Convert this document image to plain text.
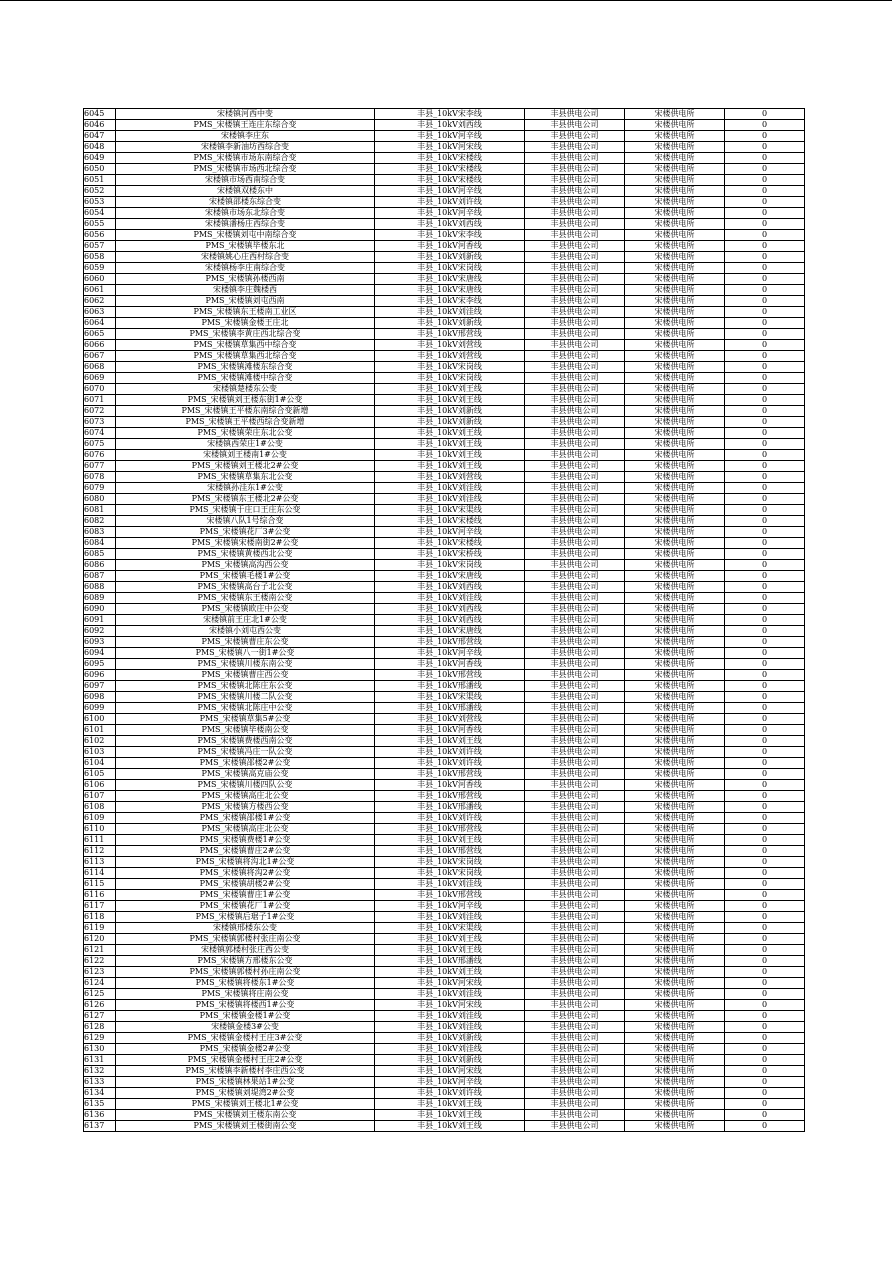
6045	宋楼镇河西中变	丰县_10kV宋李线	丰县供电公司	宋楼供电所	0
6046	PMS_宋楼镇王连庄东综合变	丰县_10kV刘西线	丰县供电公司	宋楼供电所	0
6047	宋楼镇李庄东	丰县_10kV河辛线	丰县供电公司	宋楼供电所	0
6048	宋楼镇李新油坊西综合变	丰县_10kV河宋线	丰县供电公司	宋楼供电所	0
6049	PMS_宋楼镇市场东南综合变	丰县_10kV宋楼线	丰县供电公司	宋楼供电所	0
6050	PMS_宋楼镇市场西北综合变	丰县_10kV宋楼线	丰县供电公司	宋楼供电所	0
6051	宋楼镇市场西南综合变	丰县_10kV宋楼线	丰县供电公司	宋楼供电所	0
6052	宋楼镇双楼东中	丰县_10kV河辛线	丰县供电公司	宋楼供电所	0
6053	宋楼镇邵楼东综合变	丰县_10kV刘许线	丰县供电公司	宋楼供电所	0
6054	宋楼镇市场东北综合变	丰县_10kV河辛线	丰县供电公司	宋楼供电所	0
6055	宋楼镇潘杨庄西综合变	丰县_10kV刘西线	丰县供电公司	宋楼供电所	0
6056	PMS_宋楼镇刘屯中南综合变	丰县_10kV宋李线	丰县供电公司	宋楼供电所	0
6057	PMS_宋楼镇毕楼东北	丰县_10kV河香线	丰县供电公司	宋楼供电所	0
6058	宋楼镇姚心庄西村综合变	丰县_10kV刘新线	丰县供电公司	宋楼供电所	0
6059	宋楼镇杨李庄南综合变	丰县_10kV宋岗线	丰县供电公司	宋楼供电所	0
6060	PMS_宋楼镇孙楼西南	丰县_10kV宋唐线	丰县供电公司	宋楼供电所	0
6061	宋楼镇李庄魏楼西	丰县_10kV宋唐线	丰县供电公司	宋楼供电所	0
6062	PMS_宋楼镇刘屯西南	丰县_10kV宋李线	丰县供电公司	宋楼供电所	0
6063	PMS_宋楼镇东王楼南工业区	丰县_10kV刘洼线	丰县供电公司	宋楼供电所	0
6064	PMS_宋楼镇金楼王庄北	丰县_10kV刘新线	丰县供电公司	宋楼供电所	0
6065	PMS_宋楼镇李黄庄西北综合变	丰县_10kV邢营线	丰县供电公司	宋楼供电所	0
6066	PMS_宋楼镇草集西中综合变	丰县_10kV刘营线	丰县供电公司	宋楼供电所	0
6067	PMS_宋楼镇草集西北综合变	丰县_10kV刘营线	丰县供电公司	宋楼供电所	0
6068	PMS_宋楼镇滩楼东综合变	丰县_10kV宋岗线	丰县供电公司	宋楼供电所	0
6069	PMS_宋楼镇滩楼中综合变	丰县_10kV宋岗线	丰县供电公司	宋楼供电所	0
6070	宋楼镇楚楼东公变	丰县_10kV刘王线	丰县供电公司	宋楼供电所	0
6071	PMS_宋楼镇刘王楼东街1#公变	丰县_10kV刘王线	丰县供电公司	宋楼供电所	0
6072	PMS_宋楼镇王平楼东南综合变新增	丰县_10kV刘新线	丰县供电公司	宋楼供电所	0
6073	PMS_宋楼镇王平楼西综合变新增	丰县_10kV刘新线	丰县供电公司	宋楼供电所	0
6074	PMS_宋楼镇荣庄东北公变	丰县_10kV刘王线	丰县供电公司	宋楼供电所	0
6075	宋楼镇西荣庄1#公变	丰县_10kV刘王线	丰县供电公司	宋楼供电所	0
6076	宋楼镇刘王楼南1#公变	丰县_10kV刘王线	丰县供电公司	宋楼供电所	0
6077	PMS_宋楼镇刘王楼北2#公变	丰县_10kV刘王线	丰县供电公司	宋楼供电所	0
6078	PMS_宋楼镇草集东北公变	丰县_10kV刘营线	丰县供电公司	宋楼供电所	0
6079	宋楼镇孙洼东1#公变	丰县_10kV刘洼线	丰县供电公司	宋楼供电所	0
6080	PMS_宋楼镇东王楼北2#公变	丰县_10kV刘洼线	丰县供电公司	宋楼供电所	0
6081	PMS_宋楼镇于庄口王庄东公变	丰县_10kV宋渠线	丰县供电公司	宋楼供电所	0
6082	宋楼镇八队1号综合变	丰县_10kV宋楼线	丰县供电公司	宋楼供电所	0
6083	PMS_宋楼镇花厂3#公变	丰县_10kV河辛线	丰县供电公司	宋楼供电所	0
6084	PMS_宋楼镇宋楼南街2#公变	丰县_10kV宋楼线	丰县供电公司	宋楼供电所	0
6085	PMS_宋楼镇黄楼西北公变	丰县_10kV宋桥线	丰县供电公司	宋楼供电所	0
6086	PMS_宋楼镇高沟西公变	丰县_10kV宋岗线	丰县供电公司	宋楼供电所	0
6087	PMS_宋楼镇毛楼1#公变	丰县_10kV宋唐线	丰县供电公司	宋楼供电所	0
6088	PMS_宋楼镇高台子北公变	丰县_10kV刘西线	丰县供电公司	宋楼供电所	0
6089	PMS_宋楼镇东王楼南公变	丰县_10kV刘洼线	丰县供电公司	宋楼供电所	0
6090	PMS_宋楼镇欧庄中公变	丰县_10kV刘西线	丰县供电公司	宋楼供电所	0
6091	宋楼镇前王庄北1#公变	丰县_10kV刘西线	丰县供电公司	宋楼供电所	0
6092	宋楼镇小刘屯西公变	丰县_10kV宋唐线	丰县供电公司	宋楼供电所	0
6093	PMS_宋楼镇曹庄东公变	丰县_10kV邢营线	丰县供电公司	宋楼供电所	0
6094	PMS_宋楼镇八一街1#公变	丰县_10kV河辛线	丰县供电公司	宋楼供电所	0
6095	PMS_宋楼镇川楼东南公变	丰县_10kV河香线	丰县供电公司	宋楼供电所	0
6096	PMS_宋楼镇曹庄西公变	丰县_10kV邢营线	丰县供电公司	宋楼供电所	0
6097	PMS_宋楼镇北陈庄东公变	丰县_10kV邢潘线	丰县供电公司	宋楼供电所	0
6098	PMS_宋楼镇川楼二队公变	丰县_10kV宋渠线	丰县供电公司	宋楼供电所	0
6099	PMS_宋楼镇北陈庄中公变	丰县_10kV邢潘线	丰县供电公司	宋楼供电所	0
6100	PMS_宋楼镇草集5#公变	丰县_10kV刘营线	丰县供电公司	宋楼供电所	0
6101	PMS_宋楼镇毕楼南公变	丰县_10kV河香线	丰县供电公司	宋楼供电所	0
6102	PMS_宋楼镇费楼西南公变	丰县_10kV刘王线	丰县供电公司	宋楼供电所	0
6103	PMS_宋楼镇冯庄一队公变	丰县_10kV刘许线	丰县供电公司	宋楼供电所	0
6104	PMS_宋楼镇邵楼2#公变	丰县_10kV刘许线	丰县供电公司	宋楼供电所	0
6105	PMS_宋楼镇高克庙公变	丰县_10kV邢营线	丰县供电公司	宋楼供电所	0
6106	PMS_宋楼镇川楼四队公变	丰县_10kV河香线	丰县供电公司	宋楼供电所	0
6107	PMS_宋楼镇高庄北公变	丰县_10kV邢营线	丰县供电公司	宋楼供电所	0
6108	PMS_宋楼镇方楼西公变	丰县_10kV邢潘线	丰县供电公司	宋楼供电所	0
6109	PMS_宋楼镇邵楼1#公变	丰县_10kV刘许线	丰县供电公司	宋楼供电所	0
6110	PMS_宋楼镇高庄北公变	丰县_10kV邢营线	丰县供电公司	宋楼供电所	0
6111	PMS_宋楼镇费楼1#公变	丰县_10kV刘王线	丰县供电公司	宋楼供电所	0
6112	PMS_宋楼镇曹庄2#公变	丰县_10kV邢营线	丰县供电公司	宋楼供电所	0
6113	PMS_宋楼镇将沟北1#公变	丰县_10kV宋岗线	丰县供电公司	宋楼供电所	0
6114	PMS_宋楼镇将沟2#公变	丰县_10kV宋岗线	丰县供电公司	宋楼供电所	0
6115	PMS_宋楼镇胡楼2#公变	丰县_10kV刘洼线	丰县供电公司	宋楼供电所	0
6116	PMS_宋楼镇曹庄1#公变	丰县_10kV邢营线	丰县供电公司	宋楼供电所	0
6117	PMS_宋楼镇花厂1#公变	丰县_10kV河辛线	丰县供电公司	宋楼供电所	0
6118	PMS_宋楼镇后琚子1#公变	丰县_10kV刘洼线	丰县供电公司	宋楼供电所	0
6119	宋楼镇邢楼东公变	丰县_10kV宋渠线	丰县供电公司	宋楼供电所	0
6120	PMS_宋楼镇郭楼村张庄南公变	丰县_10kV刘王线	丰县供电公司	宋楼供电所	0
6121	宋楼镇郭楼村张庄西公变	丰县_10kV刘王线	丰县供电公司	宋楼供电所	0
6122	PMS_宋楼镇方邢楼东公变	丰县_10kV邢潘线	丰县供电公司	宋楼供电所	0
6123	PMS_宋楼镇郭楼村孙庄南公变	丰县_10kV刘王线	丰县供电公司	宋楼供电所	0
6124	PMS_宋楼镇将楼东1#公变	丰县_10kV河宋线	丰县供电公司	宋楼供电所	0
6125	PMS_宋楼镇将庄南公变	丰县_10kV刘洼线	丰县供电公司	宋楼供电所	0
6126	PMS_宋楼镇将楼西1#公变	丰县_10kV河宋线	丰县供电公司	宋楼供电所	0
6127	PMS_宋楼镇金楼1#公变	丰县_10kV刘洼线	丰县供电公司	宋楼供电所	0
6128	宋楼镇金楼3#公变	丰县_10kV刘洼线	丰县供电公司	宋楼供电所	0
6129	PMS_宋楼镇金楼村王庄3#公变	丰县_10kV刘新线	丰县供电公司	宋楼供电所	0
6130	PMS_宋楼镇金楼2#公变	丰县_10kV刘洼线	丰县供电公司	宋楼供电所	0
6131	PMS_宋楼镇金楼村王庄2#公变	丰县_10kV刘新线	丰县供电公司	宋楼供电所	0
6132	PMS_宋楼镇李新楼村李庄西公变	丰县_10kV河宋线	丰县供电公司	宋楼供电所	0
6133	PMS_宋楼镇林果站1#公变	丰县_10kV河辛线	丰县供电公司	宋楼供电所	0
6134	PMS_宋楼镇刘堤湾2#公变	丰县_10kV刘许线	丰县供电公司	宋楼供电所	0
6135	PMS_宋楼镇刘王楼北1#公变	丰县_10kV刘王线	丰县供电公司	宋楼供电所	0
6136	PMS_宋楼镇刘王楼东南公变	丰县_10kV刘王线	丰县供电公司	宋楼供电所	0
6137	PMS_宋楼镇刘王楼街南公变	丰县_10kV刘王线	丰县供电公司	宋楼供电所	0
